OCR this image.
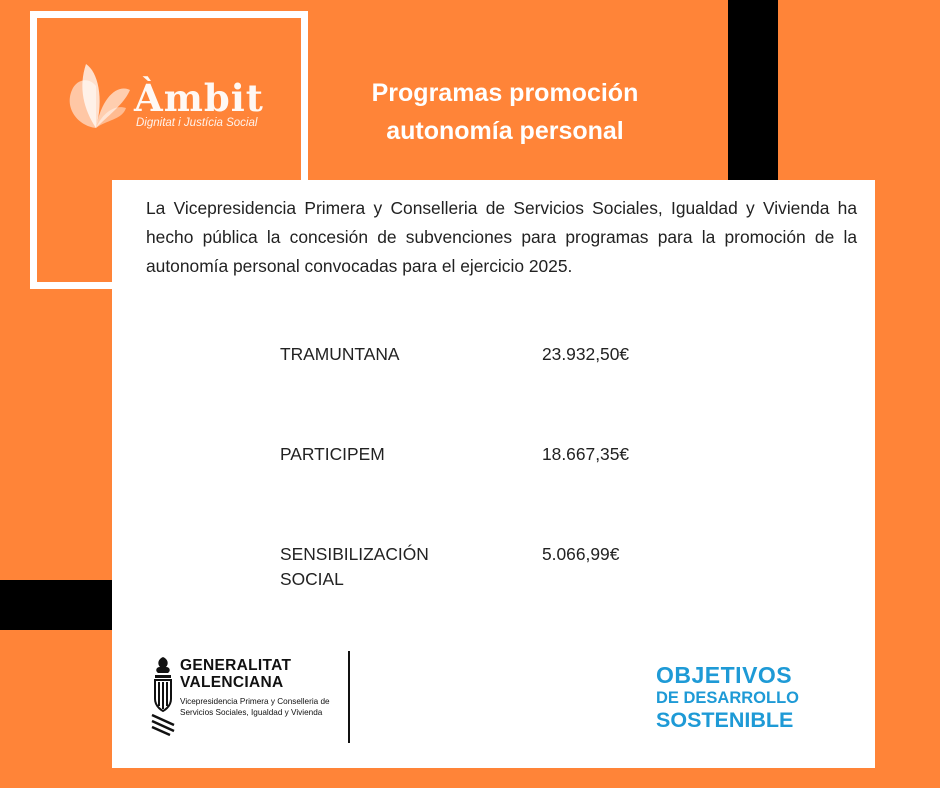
Àmbit
Dignitat i Justícia Social
Programas promoción
autonomía personal

La Vicepresidencia Primera y Conselleria de Servicios Sociales, Igualdad y Vivienda ha hecho pública la concesión de subvenciones para programas para la promoción de la autonomía personal convocadas para el ejercicio 2025.

TRAMUNTANA	23.932,50€
PARTICIPEM	18.667,35€
SENSIBILIZACIÓN SOCIAL
5.066,99€
GENERALITAT
VALENCIANA
Vicepresidencia Primera y Conselleria de Servicios Sociales, Igualdad y Vivienda
OBJETIVOS
DE DESARROLLO
SOSTENIBLE
